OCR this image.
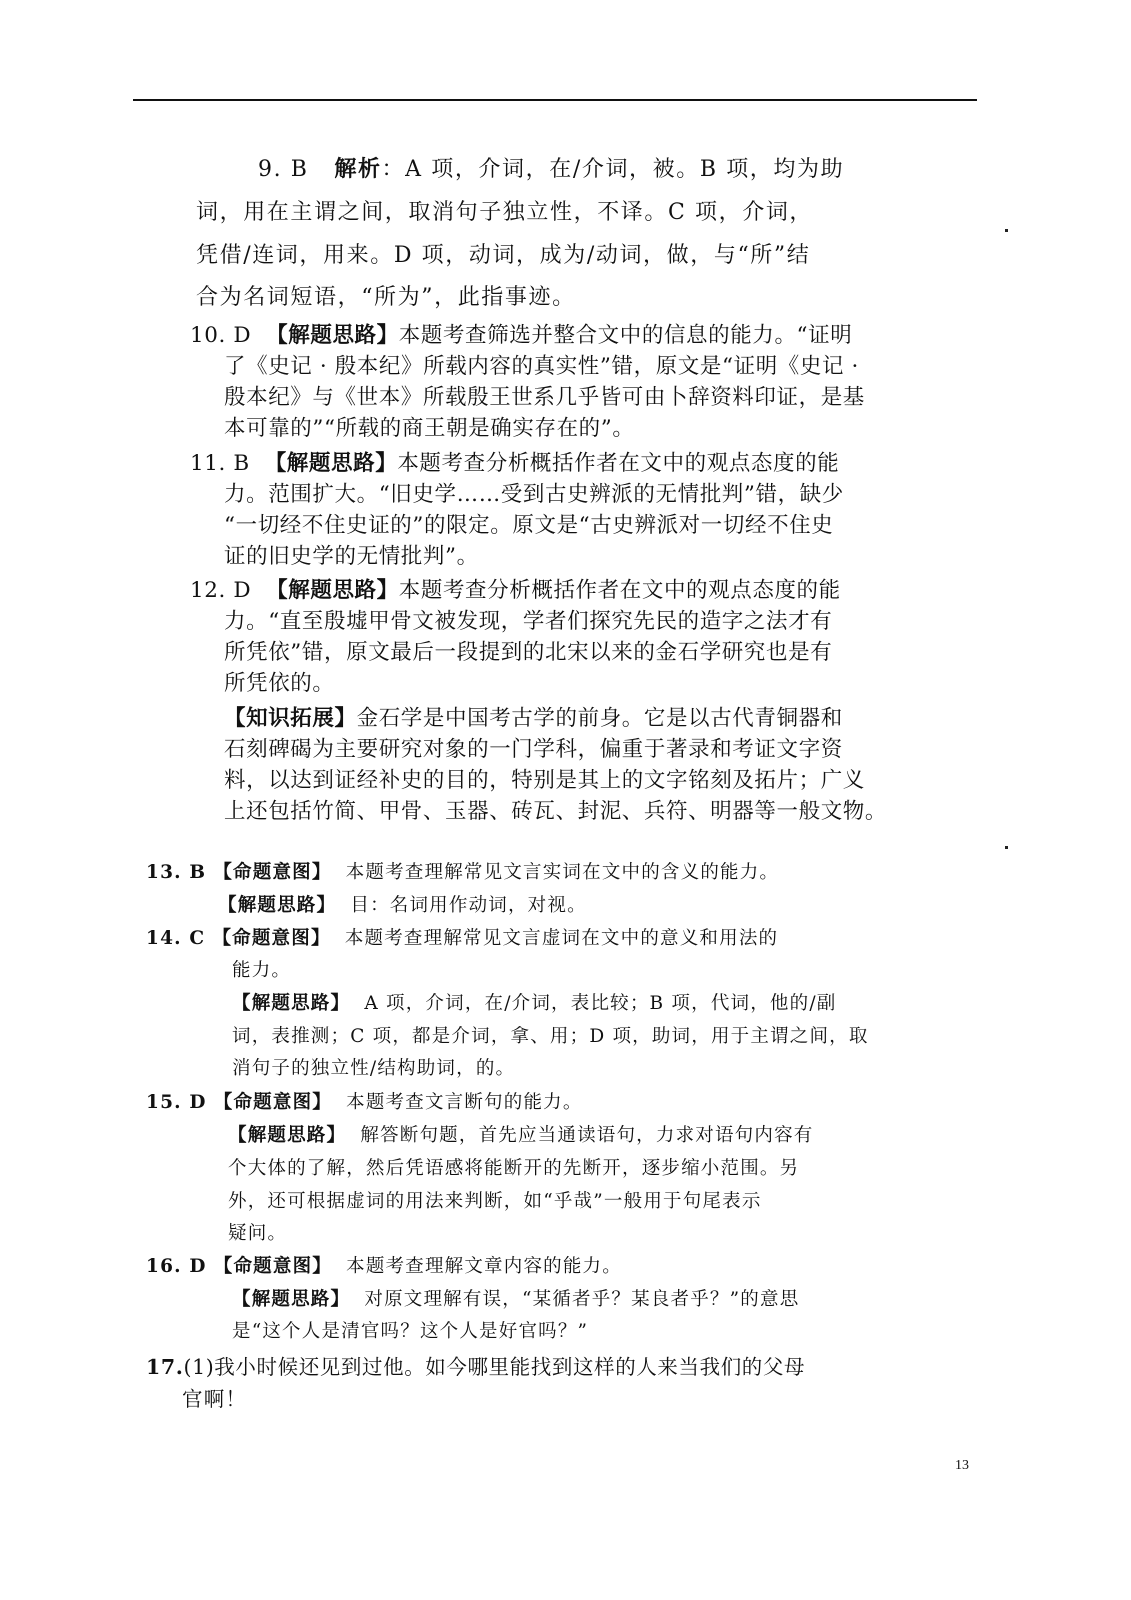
9. B 解析：A 项，介词，在/介词，被。B 项，均为助
词，用在主谓之间，取消句子独立性，不译。C 项，介词，
凭借/连词，用来。D 项，动词，成为/动词，做，与“所”结
合为名词短语，“所为”，此指事迹。
10. D 【解题思路】本题考查筛选并整合文中的信息的能力。“证明
了《史记 · 殷本纪》所载内容的真实性”错，原文是“证明《史记 ·
殷本纪》与《世本》所载殷王世系几乎皆可由卜辞资料印证，是基
本可靠的”“所载的商王朝是确实存在的”。
11. B 【解题思路】本题考查分析概括作者在文中的观点态度的能
力。范围扩大。“旧史学……受到古史辨派的无情批判”错，缺少
“一切经不住史证的”的限定。原文是“古史辨派对一切经不住史
证的旧史学的无情批判”。
12. D 【解题思路】本题考查分析概括作者在文中的观点态度的能
力。“直至殷墟甲骨文被发现，学者们探究先民的造字之法才有
所凭依”错，原文最后一段提到的北宋以来的金石学研究也是有
所凭依的。
【知识拓展】金石学是中国考古学的前身。它是以古代青铜器和
石刻碑碣为主要研究对象的一门学科，偏重于著录和考证文字资
料，以达到证经补史的目的，特别是其上的文字铭刻及拓片；广义
上还包括竹简、甲骨、玉器、砖瓦、封泥、兵符、明器等一般文物。
13. B 【命题意图】 本题考查理解常见文言实词在文中的含义的能力。
【解题思路】 目：名词用作动词，对视。
14. C 【命题意图】 本题考查理解常见文言虚词在文中的意义和用法的
能力。
【解题思路】 A 项，介词，在/介词，表比较；B 项，代词，他的/副
词，表推测；C 项，都是介词，拿、用；D 项，助词，用于主谓之间，取
消句子的独立性/结构助词，的。
15. D 【命题意图】 本题考查文言断句的能力。
【解题思路】 解答断句题，首先应当通读语句，力求对语句内容有
个大体的了解，然后凭语感将能断开的先断开，逐步缩小范围。另
外，还可根据虚词的用法来判断，如“乎哉”一般用于句尾表示
疑问。
16. D 【命题意图】 本题考查理解文章内容的能力。
【解题思路】 对原文理解有误，“某循者乎？某良者乎？”的意思
是“这个人是清官吗？这个人是好官吗？”
17.(1)我小时候还见到过他。如今哪里能找到这样的人来当我们的父母
官啊！
13
